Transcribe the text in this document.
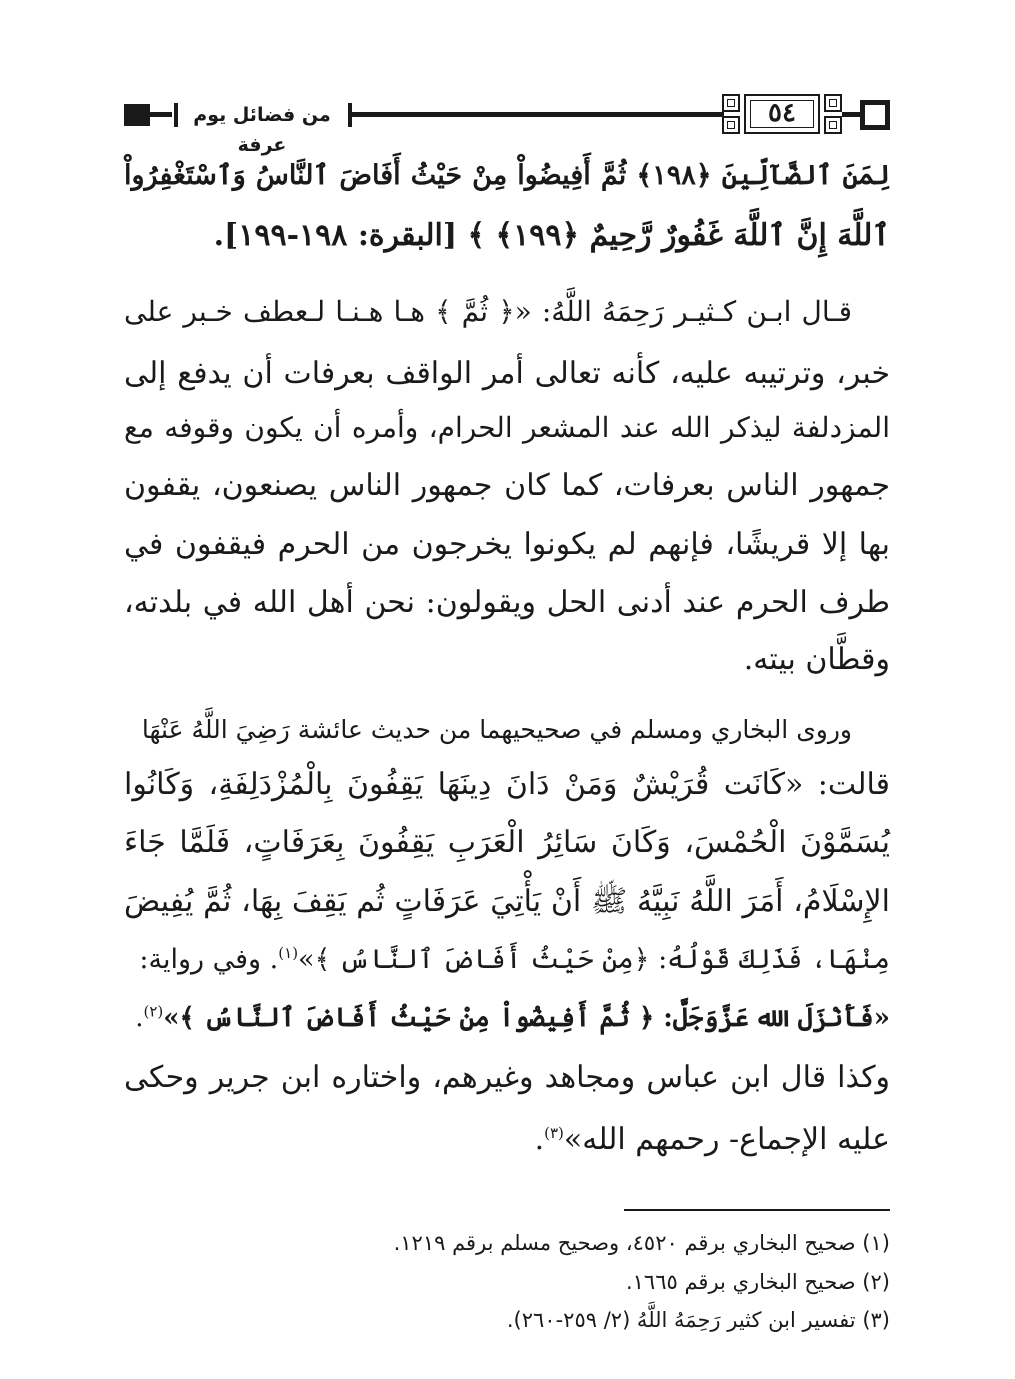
من فضائل يوم عرفة
٥٤
لِمَنَ ٱلضَّآلِّينَ ﴿١٩٨﴾ ثُمَّ أَفِيضُواْ مِنْ حَيْثُ أَفَاضَ ٱلنَّاسُ وَٱسْتَغْفِرُواْ
ٱللَّهَ إِنَّ ٱللَّهَ غَفُورٌ رَّحِيمٌ ﴿١٩٩﴾ ﴾ [البقرة: ١٩٨-١٩٩].
قـال ابـن كـثيـر رَحِمَهُ اللَّهُ: «﴿ ثُمَّ ﴾ هـا هـنـا لـعطف خـبر على
خبر، وترتيبه عليه، كأنه تعالى أمر الواقف بعرفات أن يدفع إلى
المزدلفة ليذكر الله عند المشعر الحرام، وأمره أن يكون وقوفه مع
جمهور الناس بعرفات، كما كان جمهور الناس يصنعون، يقفون
بها إلا قريشًا، فإنهم لم يكونوا يخرجون من الحرم فيقفون في
طرف الحرم عند أدنى الحل ويقولون: نحن أهل الله في بلدته،
وقطَّان بيته.
وروى البخاري ومسلم في صحيحيهما من حديث عائشة رَضِيَ اللَّهُ عَنْهَا
قالت: «كَانَت قُرَيْشٌ وَمَنْ دَانَ دِينَهَا يَقِفُونَ بِالْمُزْدَلِفَةِ، وَكَانُوا
يُسَمَّوْنَ الْحُمْسَ، وَكَانَ سَائِرُ الْعَرَبِ يَقِفُونَ بِعَرَفَاتٍ، فَلَمَّا جَاءَ
الإِسْلَامُ، أَمَرَ اللَّهُ نَبِيَّهُ ﷺ أَنْ يَأْتِيَ عَرَفَاتٍ ثُم يَقِفَ بِهَا، ثُمَّ يُفِيضَ
مِنْهَا، فَذَلِكَ قَوْلُهُ: ﴿مِنْ حَيْثُ أَفَاضَ ٱلنَّاسُ ﴾»$^{(١)}$. وفي رواية:
«فَأَنْزَلَ الله عَزَّوَجَلَّ: ﴿ ثُمَّ أَفِيضُواْ مِنْ حَيْثُ أَفَاضَ ٱلنَّاسُ ﴾»$^{(٢)}$.
وكذا قال ابن عباس ومجاهد وغيرهم، واختاره ابن جرير وحكى
عليه الإجماع- رحمهم الله»$^{(٣)}$.
(١) صحيح البخاري برقم ٤٥٢٠، وصحيح مسلم برقم ١٢١٩.
(٢) صحيح البخاري برقم ١٦٦٥.
(٣) تفسير ابن كثير رَحِمَهُ اللَّهُ (٢/ ٢٥٩-٢٦٠).
